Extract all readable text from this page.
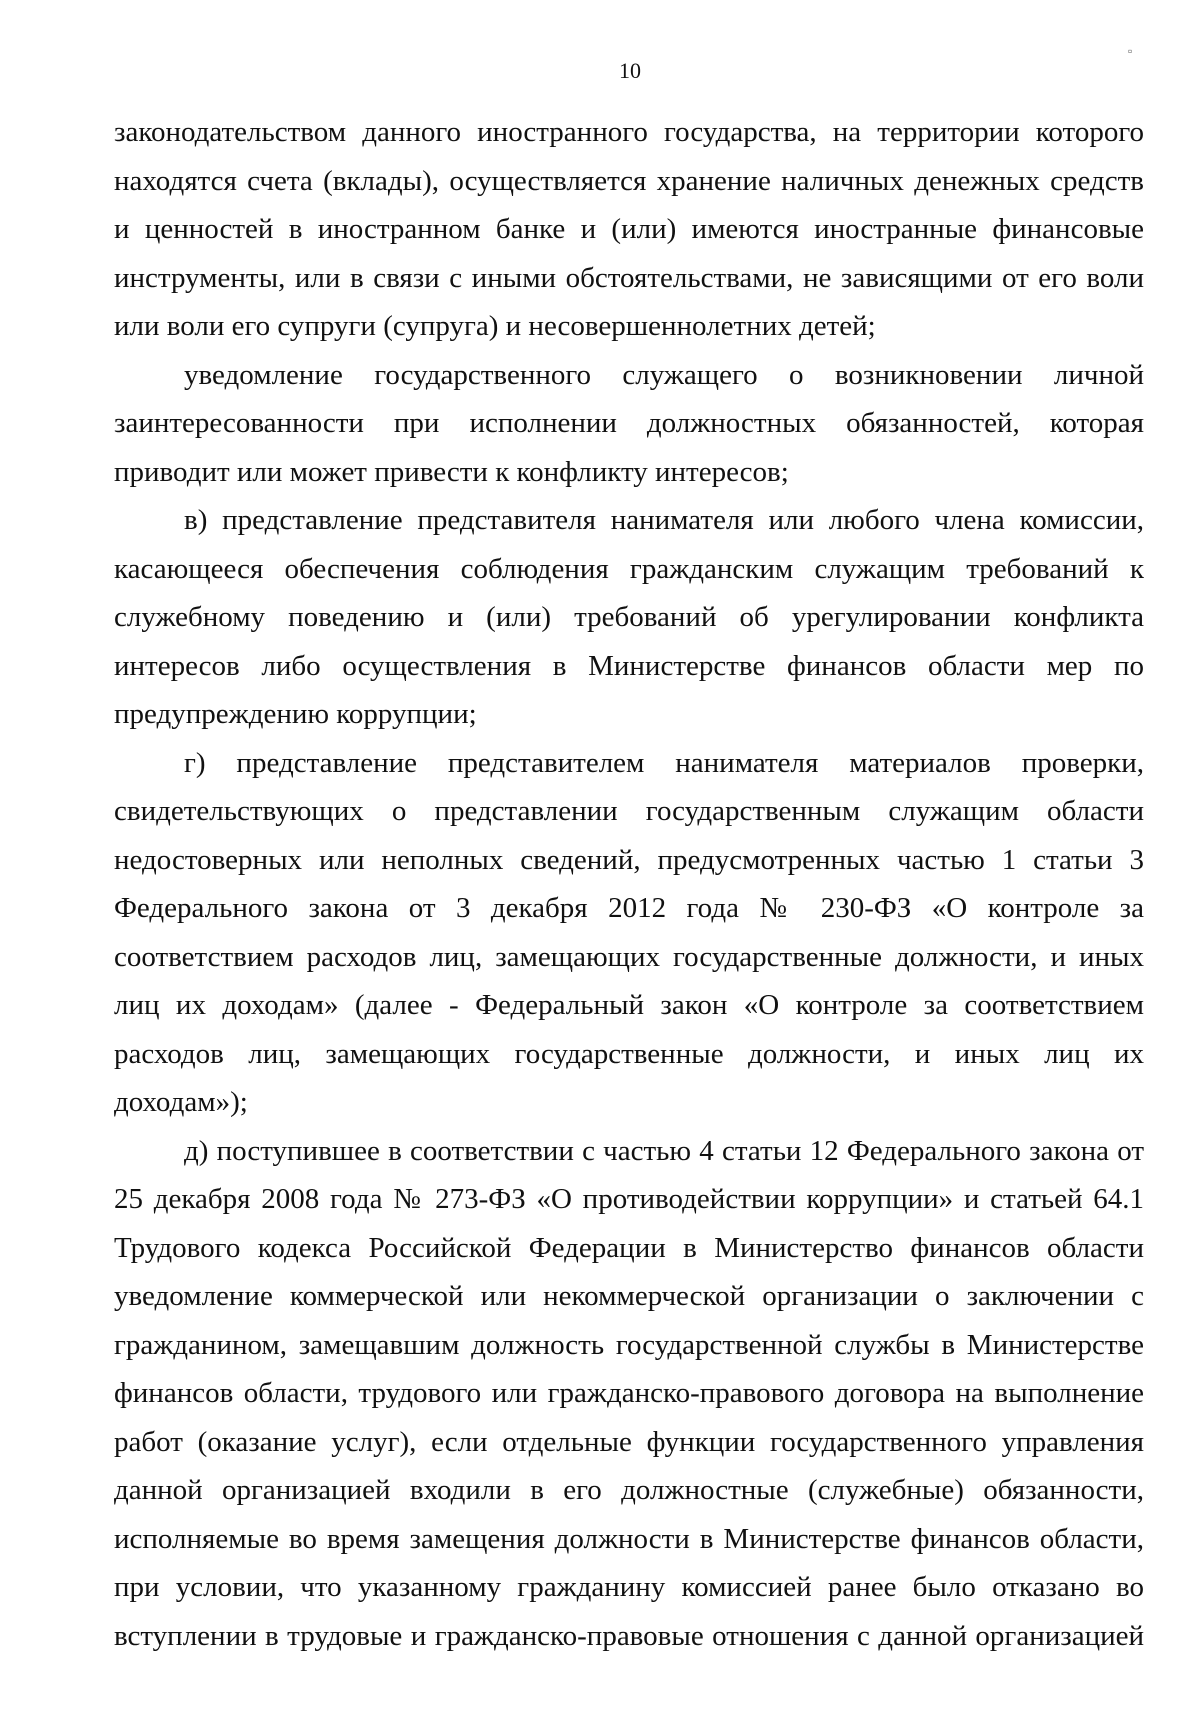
10
▫

законодательством данного иностранного государства, на территории которого находятся счета (вклады), осуществляется хранение наличных денежных средств и ценностей в иностранном банке и (или) имеются иностранные финансовые инструменты, или в связи с иными обстоятельствами, не зависящими от его воли или воли его супруги (супруга) и несовершеннолетних детей;

уведомление государственного служащего о возникновении личной заинтересованности при исполнении должностных обязанностей, которая приводит или может привести к конфликту интересов;

в) представление представителя нанимателя или любого члена комиссии, касающееся обеспечения соблюдения гражданским служащим требований к служебному поведению и (или) требований об урегулировании конфликта интересов либо осуществления в Министерстве финансов области мер по предупреждению коррупции;

г) представление представителем нанимателя материалов проверки, свидетельствующих о представлении государственным служащим области недостоверных или неполных сведений, предусмотренных частью 1 статьи 3 Федерального закона от 3 декабря 2012 года № 230-ФЗ «О контроле за соответствием расходов лиц, замещающих государственные должности, и иных лиц их доходам» (далее - Федеральный закон «О контроле за соответствием расходов лиц, замещающих государственные должности, и иных лиц их доходам»);

д) поступившее в соответствии с частью 4 статьи 12 Федерального закона от 25 декабря 2008 года № 273-ФЗ «О противодействии коррупции» и статьей 64.1 Трудового кодекса Российской Федерации в Министерство финансов области уведомление коммерческой или некоммерческой организации о заключении с гражданином, замещавшим должность государственной службы в Министерстве финансов области, трудового или гражданско-правового договора на выполнение работ (оказание услуг), если отдельные функции государственного управления данной организацией входили в его должностные (служебные) обязанности, исполняемые во время замещения должности в Министерстве финансов области, при условии, что указанному гражданину комиссией ранее было отказано во вступлении в трудовые и гражданско-правовые отношения с данной организацией
